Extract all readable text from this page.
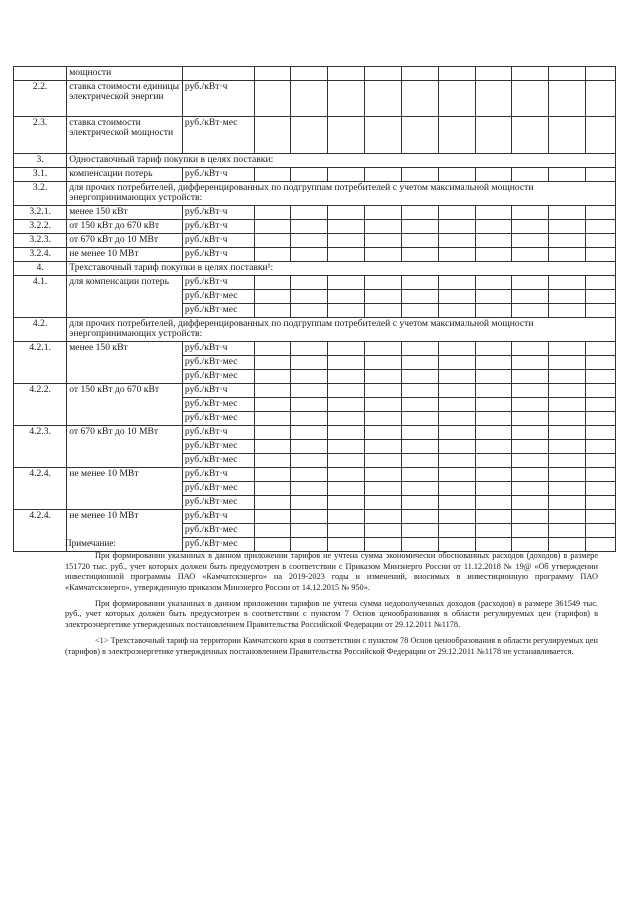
	мощности											
2.2.	ставка стоимости единицы электрической энергии	руб./кВт·ч										
2.3.	ставка стоимости электрической мощности	руб./кВт·мес										
3.	Одноставочный тариф покупки в целях поставки:											
3.1.	компенсации потерь	руб./кВт·ч										
3.2.	для прочих потребителей, дифференцированных по подгруппам потребителей с учетом максимальной мощности энергопринимающих устройств:											
3.2.1.	менее 150 кВт	руб./кВт·ч										
3.2.2.	от 150 кВт до 670 кВт	руб./кВт·ч										
3.2.3.	от 670 кВт до 10 МВт	руб./кВт·ч										
3.2.4.	не менее 10 МВт	руб./кВт·ч										
4.	Трехставочный тариф покупки в целях поставки¹:											
4.1.	для компенсации потерь	руб./кВт·ч										
		руб./кВт·мес										
		руб./кВт·мес										
4.2.	для прочих потребителей, дифференцированных по подгруппам потребителей с учетом максимальной мощности энергопринимающих устройств:											
4.2.1.	менее 150 кВт	руб./кВт·ч										
		руб./кВт·мес										
		руб./кВт·мес										
4.2.2.	от 150 кВт до 670 кВт	руб./кВт·ч										
		руб./кВт·мес										
		руб./кВт·мес										
4.2.3.	от 670 кВт до 10 МВт	руб./кВт·ч										
		руб./кВт·мес										
		руб./кВт·мес										
4.2.4.	не менее 10 МВт	руб./кВт·ч										
		руб./кВт·мес										
		руб./кВт·мес										
4.2.4.	не менее 10 МВт	руб./кВт·ч										
		руб./кВт·мес										
		руб./кВт·мес										
Примечание:

При формировании указанных в данном приложении тарифов не учтена сумма экономически обоснованных расходов (доходов) в размере 151720 тыс. руб., учет которых должен быть предусмотрен в соответствии с Приказом Минэнерго России от 11.12.2018 № 19@ «Об утверждении инвестиционной программы ПАО «Камчатскэнерго» на 2019-2023 годы и изменений, вносимых в инвестиционную программу ПАО «Камчатскэнерго», утвержденную приказом Минэнерго России от 14.12.2015 № 950».

При формировании указанных в данном приложении тарифов не учтена сумма недополученных доходов (расходов) в размере 361549 тыс. руб., учет которых должен быть предусмотрен в соответствии с пунктом 7 Основ ценообразования в области регулируемых цен (тарифов) в электроэнергетике утвержденных постановлением Правительства Российской Федерации от 29.12.2011 №1178.

<1> Трехставочный тариф на территории Камчатского края в соответствии с пунктом 78 Основ ценообразования в области регулируемых цен (тарифов) в электроэнергетике утвержденных постановлением Правительства Российской Федерации от 29.12.2011 №1178 не устанавливается.
